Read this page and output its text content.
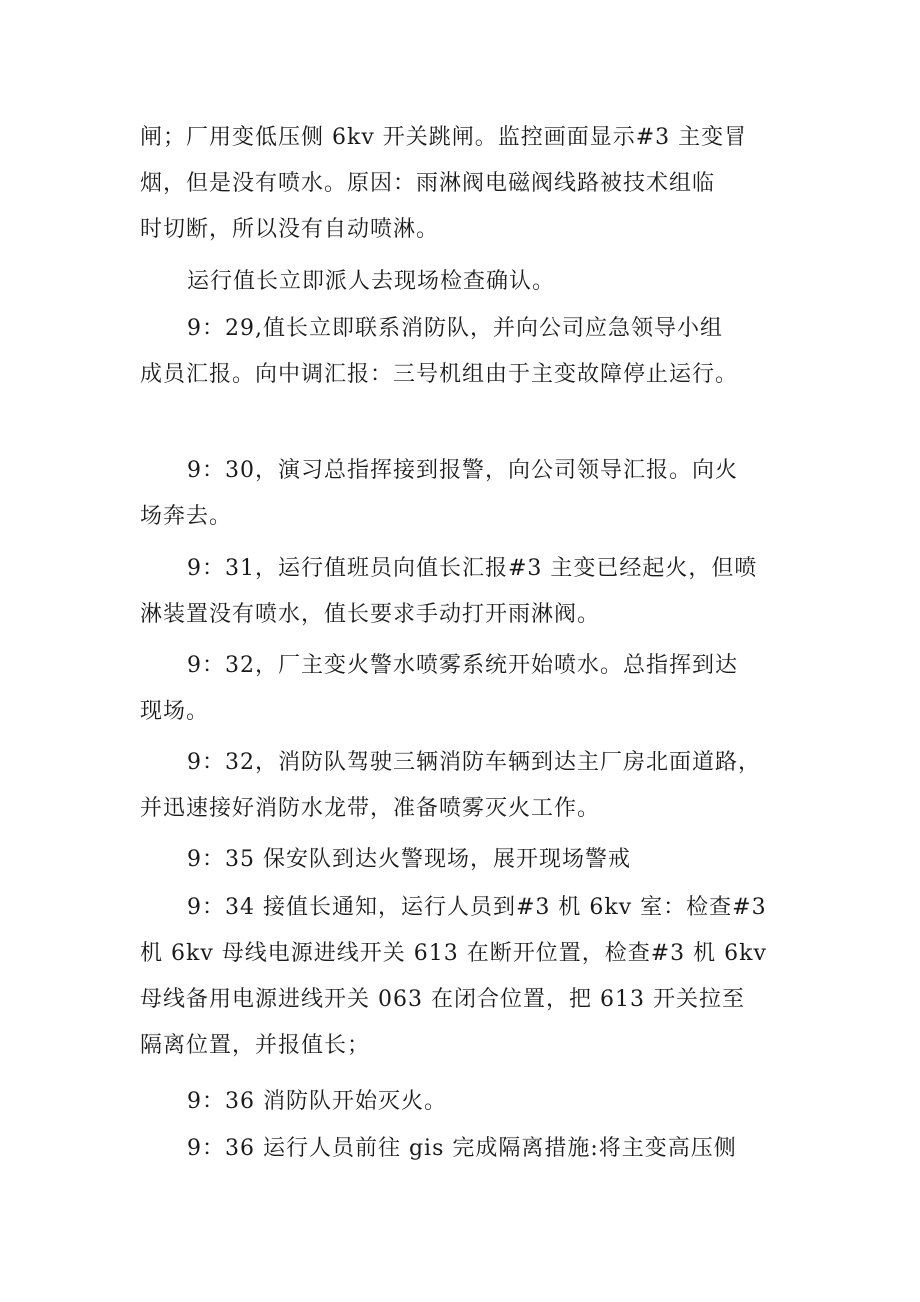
闸；厂用变低压侧 6kv 开关跳闸。监控画面显示#3 主变冒
烟，但是没有喷水。原因：雨淋阀电磁阀线路被技术组临
时切断，所以没有自动喷淋。

运行值长立即派人去现场检查确认。

9：29,值长立即联系消防队，并向公司应急领导小组
成员汇报。向中调汇报：三号机组由于主变故障停止运行。

9：30，演习总指挥接到报警，向公司领导汇报。向火
场奔去。

9：31，运行值班员向值长汇报#3 主变已经起火，但喷
淋装置没有喷水，值长要求手动打开雨淋阀。

9：32，厂主变火警水喷雾系统开始喷水。总指挥到达
现场。

9：32，消防队驾驶三辆消防车辆到达主厂房北面道路，
并迅速接好消防水龙带，准备喷雾灭火工作。

9：35 保安队到达火警现场，展开现场警戒

9：34 接值长通知，运行人员到#3 机 6kv 室：检查#3
机 6kv 母线电源进线开关 613 在断开位置，检查#3 机 6kv
母线备用电源进线开关 063 在闭合位置，把 613 开关拉至
隔离位置，并报值长；

9：36 消防队开始灭火。

9：36 运行人员前往 gis 完成隔离措施:将主变高压侧
